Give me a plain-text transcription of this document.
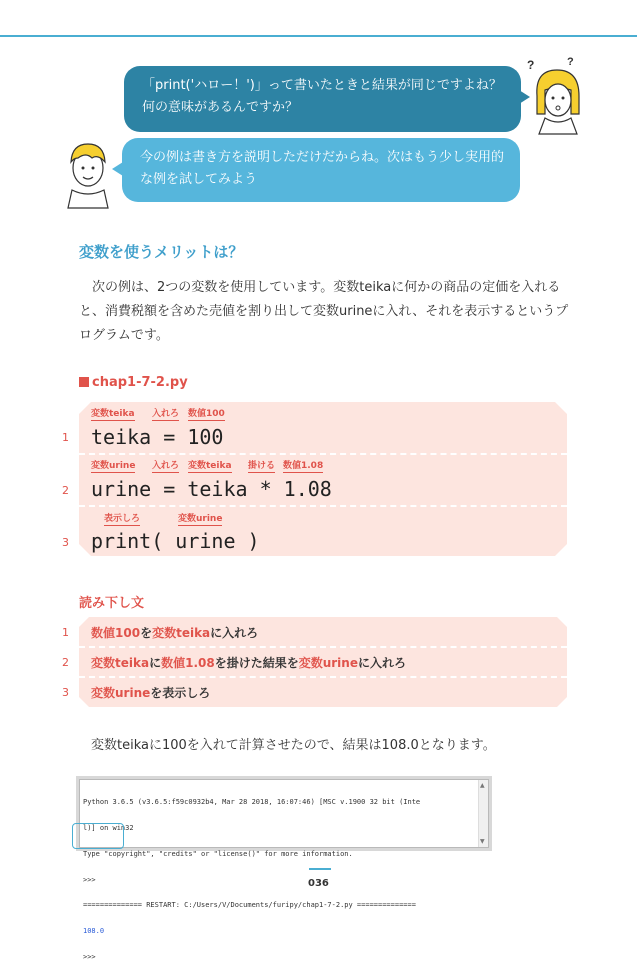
?	?
「print('ハロー！')」って書いたときと結果が同じですよね？　何の意味があるんですか？
今の例は書き方を説明しただけだからね。次はもう少し実用的な例を試してみよう
変数を使うメリットは？
次の例は、2つの変数を使用しています。変数teikaに何かの商品の定価を入れると、消費税額を含めた売値を割り出して変数urineに入れ、それを表示するというプログラムです。
chap1-7-2.py
変数teika 入れろ 数値100
1 teika = 100
変数urine 入れろ 変数teika 掛ける 数値1.08
2 urine = teika * 1.08
表示しろ	変数urine
3 print( urine )
読み下し文
1 数値100を変数teikaに入れろ
2 変数teikaに数値1.08を掛けた結果を変数urineに入れろ
3 変数urineを表示しろ
変数teikaに100を入れて計算させたので、結果は108.0となります。

Python 3.6.5 (v3.6.5:f59c0932b4, Mar 28 2018, 16:07:46) [MSC v.1900 32 bit (Inte

l)] on win32

Type "copyright", "credits" or "license()" for more information.

>>>

============== RESTART: C:/Users/V/Documents/furipy/chap1-7-2.py ==============

108.0

>>>

▲
▼
036
